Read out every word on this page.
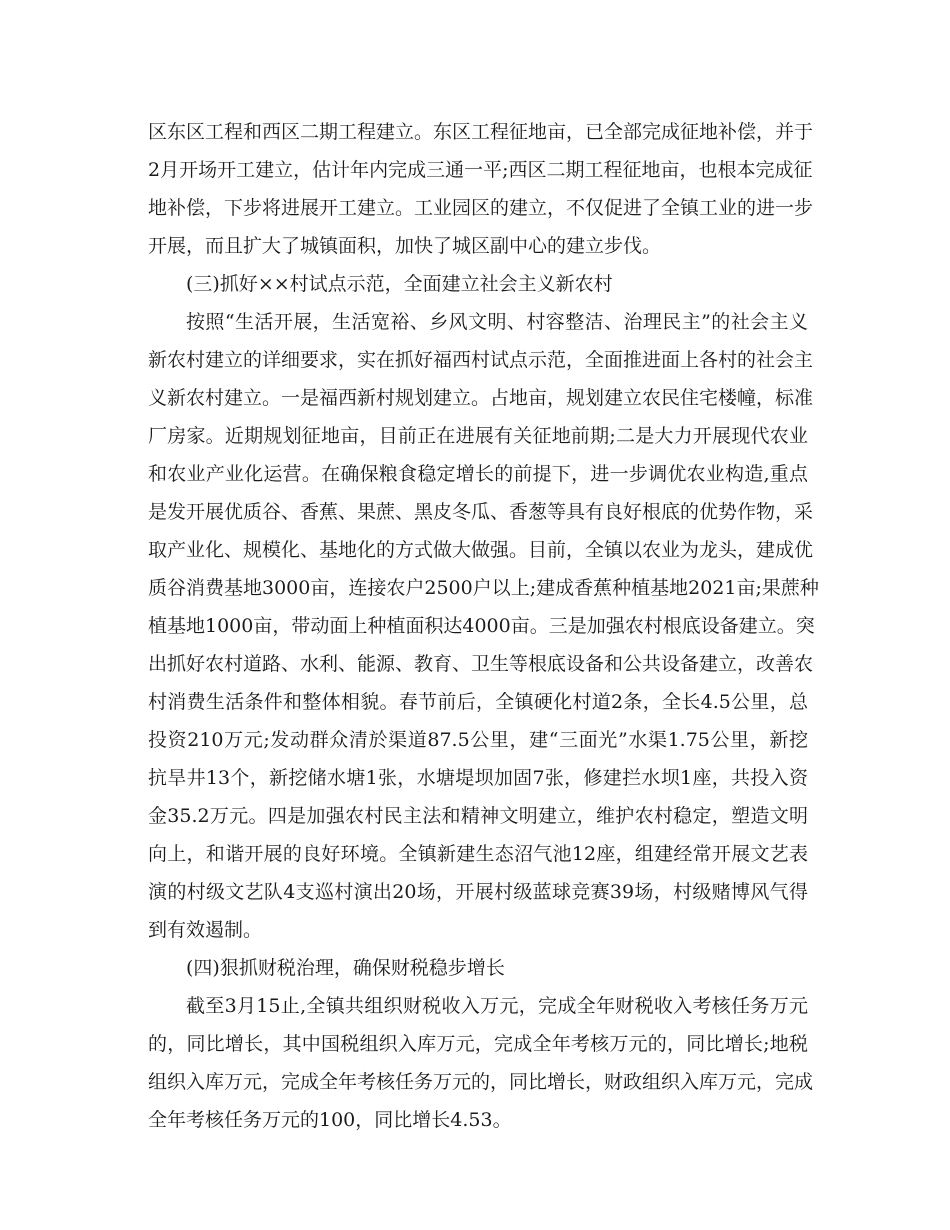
区东区工程和西区二期工程建立。东区工程征地亩，已全部完成征地补偿，并于
2月开场开工建立，估计年内完成三通一平;西区二期工程征地亩，也根本完成征
地补偿，下步将进展开工建立。工业园区的建立，不仅促进了全镇工业的进一步
开展，而且扩大了城镇面积，加快了城区副中心的建立步伐。
(三)抓好××村试点示范，全面建立社会主义新农村
按照“生活开展，生活宽裕、乡风文明、村容整洁、治理民主”的社会主义
新农村建立的详细要求，实在抓好福西村试点示范，全面推进面上各村的社会主
义新农村建立。一是福西新村规划建立。占地亩，规划建立农民住宅楼幢，标准
厂房家。近期规划征地亩，目前正在进展有关征地前期;二是大力开展现代农业
和农业产业化运营。在确保粮食稳定增长的前提下，进一步调优农业构造,重点
是发开展优质谷、香蕉、果蔗、黑皮冬瓜、香葱等具有良好根底的优势作物，采
取产业化、规模化、基地化的方式做大做强。目前，全镇以农业为龙头，建成优
质谷消费基地3000亩，连接农户2500户以上;建成香蕉种植基地2021亩;果蔗种
植基地1000亩，带动面上种植面积达4000亩。三是加强农村根底设备建立。突
出抓好农村道路、水利、能源、教育、卫生等根底设备和公共设备建立，改善农
村消费生活条件和整体相貌。春节前后，全镇硬化村道2条，全长4.5公里，总
投资210万元;发动群众清於渠道87.5公里，建“三面光”水渠1.75公里，新挖
抗旱井13个，新挖储水塘1张，水塘堤坝加固7张，修建拦水坝1座，共投入资
金35.2万元。四是加强农村民主法和精神文明建立，维护农村稳定，塑造文明
向上，和谐开展的良好环境。全镇新建生态沼气池12座，组建经常开展文艺表
演的村级文艺队4支巡村演出20场，开展村级蓝球竞赛39场，村级赌博风气得
到有效遏制。
(四)狠抓财税治理，确保财税稳步增长
截至3月15止,全镇共组织财税收入万元，完成全年财税收入考核任务万元
的，同比增长，其中国税组织入库万元，完成全年考核万元的，同比增长;地税
组织入库万元，完成全年考核任务万元的，同比增长，财政组织入库万元，完成
全年考核任务万元的100，同比增长4.53。
